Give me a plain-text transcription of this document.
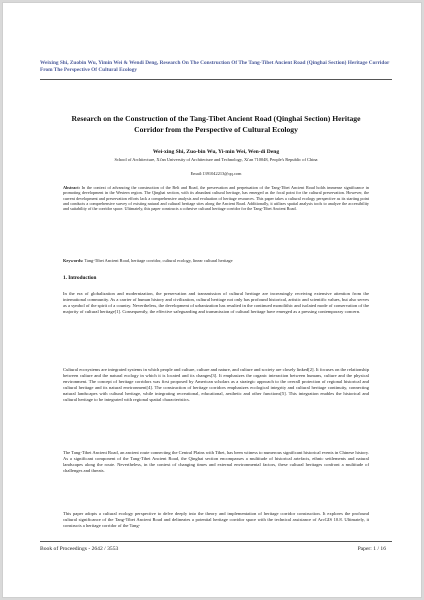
Weixing Shi, Zuobin Wu, Yimin Wei & Wendi Deng, Research On The Construction Of The Tang-Tibet Ancient Road (Qinghai Section) Heritage Corridor From The Perspective Of Cultural Ecology
Research on the Construction of the Tang-Tibet Ancient Road (Qinghai Section) Heritage Corridor from the Perspective of Cultural Ecology
Wei-xing Shi, Zuo-bin Wu, Yi-min Wei, Wen-di Deng
School of Architecture, Xi'an University of Architecture and Technology, Xi'an 710048, People's Republic of China
Email:1391042213@qq.com
Abstract: In the context of advancing the construction of the Belt and Road, the preservation and perpetuation of the Tang-Tibet Ancient Road holds immense significance in promoting development in the Western region. The Qinghai section, with its abundant cultural heritage, has emerged as the focal point for the cultural preservation. However, the current development and preservation efforts lack a comprehensive analysis and evaluation of heritage resources. This paper takes a cultural ecology perspective as its starting point and conducts a comprehensive survey of existing natural and cultural heritage sites along the Ancient Road. Additionally, it utilizes spatial analysis tools to analyze the accessibility and suitability of the corridor space. Ultimately, this paper constructs a cohesive cultural heritage corridor for the Tang-Tibet Ancient Road.
Keywords: Tang-Tibet Ancient Road, heritage corridor, cultural ecology, linear cultural heritage
1. Introduction
In the era of globalization and modernization, the preservation and transmission of cultural heritage are increasingly receiving extensive attention from the international community. As a carrier of human history and civilization, cultural heritage not only has profound historical, artistic and scientific values, but also serves as a symbol of the spirit of a country. Nevertheless, the development of urbanization has resulted in the continued monolithic and isolated mode of conservation of the majority of cultural heritage[1]. Consequently, the effective safeguarding and transmission of cultural heritage have emerged as a pressing contemporary concern.
Cultural ecosystems are integrated systems in which people and culture, culture and nature, and culture and society are closely linked[2]. It focuses on the relationship between culture and the natural ecology in which it is located and its changes[3]. It emphasizes the organic interaction between humans, culture and the physical environment. The concept of heritage corridors was first proposed by American scholars as a strategic approach to the overall protection of regional historical and cultural heritage and its natural environment[4]. The construction of heritage corridors emphasizes ecological integrity and cultural heritage continuity, connecting natural landscapes with cultural heritage, while integrating recreational, educational, aesthetic and other functions[5]. This integration enables the historical and cultural heritage to be integrated with regional spatial characteristics.
The Tang-Tibet Ancient Road, an ancient route connecting the Central Plains with Tibet, has been witness to numerous significant historical events in Chinese history. As a significant component of the Tang-Tibet Ancient Road, the Qinghai section encompasses a multitude of historical artefacts, ethnic settlements and natural landscapes along the route. Nevertheless, in the context of changing times and external environmental factors, these cultural heritages confront a multitude of challenges and threats.
This paper adopts a cultural ecology perspective to delve deeply into the theory and implementation of heritage corridor construction. It explores the profound cultural significance of the Tang-Tibet Ancient Road and delineates a potential heritage corridor space with the technical assistance of ArcGIS 10.8. Ultimately, it constructs a heritage corridor of the Tang-
Book of Proceedings - 2642 / 3553	Paper: 1 / 16
